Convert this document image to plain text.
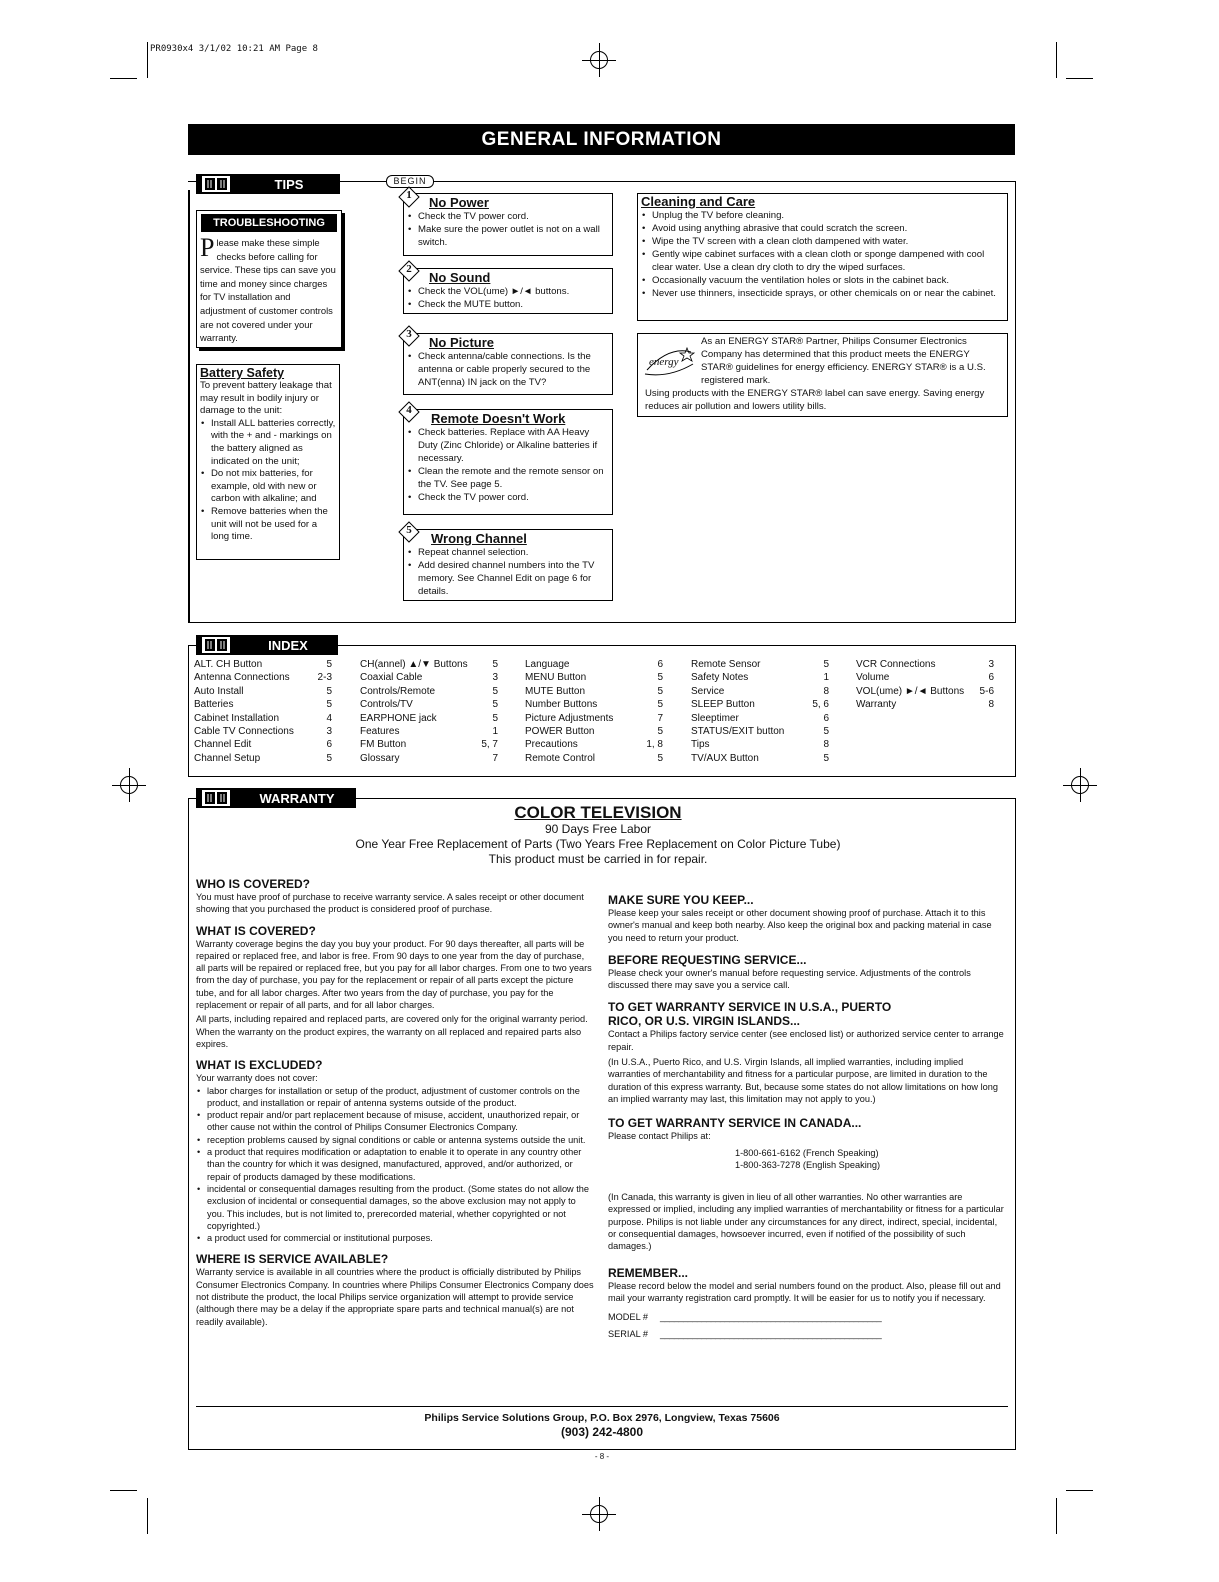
PR0930x4 3/1/02 10:21 AM Page 8
GENERAL INFORMATION
TIPS
TROUBLESHOOTING
Please make these simple checks before calling for service. These tips can save you time and money since charges for TV installation and adjustment of customer controls are not covered under your warranty.
Battery Safety
To prevent battery leakage that may result in bodily injury or damage to the unit:
• Install ALL batteries correctly, with the + and - markings on the battery aligned as indicated on the unit;
• Do not mix batteries, for example, old with new or carbon with alkaline; and
• Remove batteries when the unit will not be used for a long time.
BEGIN
No Power
• Check the TV power cord.
• Make sure the power outlet is not on a wall switch.
1
No Sound
• Check the VOL(ume) ►/◄ buttons.
• Check the MUTE button.
2
No Picture
• Check antenna/cable connections. Is the antenna or cable properly secured to the ANT(enna) IN jack on the TV?
3
Remote Doesn't Work
• Check batteries. Replace with AA Heavy Duty (Zinc Chloride) or Alkaline batteries if necessary.
• Clean the remote and the remote sensor on the TV. See page 5.
• Check the TV power cord.
4
Wrong Channel
• Repeat channel selection.
• Add desired channel numbers into the TV memory. See Channel Edit on page 6 for details.
5
Cleaning and Care
• Unplug the TV before cleaning.
• Avoid using anything abrasive that could scratch the screen.
• Wipe the TV screen with a clean cloth dampened with water.
• Gently wipe cabinet surfaces with a clean cloth or sponge dampened with cool clear water. Use a clean dry cloth to dry the wiped surfaces.
• Occasionally vacuum the ventilation holes or slots in the cabinet back.
• Never use thinners, insecticide sprays, or other chemicals on or near the cabinet.
energy
As an ENERGY STAR® Partner, Philips Consumer Electronics Company has determined that this product meets the ENERGY STAR® guidelines for energy efficiency. ENERGY STAR® is a U.S. registered mark.
Using products with the ENERGY STAR® label can save energy. Saving energy reduces air pollution and lowers utility bills.
INDEX
ALT. CH Button	5
Antenna Connections	2-3
Auto Install	5
Batteries	5
Cabinet Installation	4
Cable TV Connections	3
Channel Edit	6
Channel Setup	5
CH(annel) ▲/▼ Buttons	5
Coaxial Cable	3
Controls/Remote	5
Controls/TV	5
EARPHONE jack	5
Features	1
FM Button	5, 7
Glossary	7
Language	6
MENU Button	5
MUTE Button	5
Number Buttons	5
Picture Adjustments	7
POWER Button	5
Precautions	1, 8
Remote Control	5
Remote Sensor	5
Safety Notes	1
Service	8
SLEEP Button	5, 6
Sleeptimer	6
STATUS/EXIT button	5
Tips	8
TV/AUX Button	5
VCR Connections	3
Volume	6
VOL(ume) ►/◄ Buttons	5-6
Warranty	8
WARRANTY
COLOR TELEVISION
90 Days Free Labor
One Year Free Replacement of Parts (Two Years Free Replacement on Color Picture Tube)
This product must be carried in for repair.
WHO IS COVERED?
You must have proof of purchase to receive warranty service. A sales receipt or other document showing that you purchased the product is considered proof of purchase.
WHAT IS COVERED?
Warranty coverage begins the day you buy your product. For 90 days thereafter, all parts will be repaired or replaced free, and labor is free. From 90 days to one year from the day of purchase, all parts will be repaired or replaced free, but you pay for all labor charges. From one to two years from the day of purchase, you pay for the replacement or repair of all parts except the picture tube, and for all labor charges. After two years from the day of purchase, you pay for the replacement or repair of all parts, and for all labor charges.
All parts, including repaired and replaced parts, are covered only for the original warranty period. When the warranty on the product expires, the warranty on all replaced and repaired parts also expires.
WHAT IS EXCLUDED?
Your warranty does not cover:
• labor charges for installation or setup of the product, adjustment of customer controls on the product, and installation or repair of antenna systems outside of the product.
• product repair and/or part replacement because of misuse, accident, unauthorized repair, or other cause not within the control of Philips Consumer Electronics Company.
• reception problems caused by signal conditions or cable or antenna systems outside the unit.
• a product that requires modification or adaptation to enable it to operate in any country other than the country for which it was designed, manufactured, approved, and/or authorized, or repair of products damaged by these modifications.
• incidental or consequential damages resulting from the product. (Some states do not allow the exclusion of incidental or consequential damages, so the above exclusion may not apply to you. This includes, but is not limited to, prerecorded material, whether copyrighted or not copyrighted.)
• a product used for commercial or institutional purposes.
WHERE IS SERVICE AVAILABLE?
Warranty service is available in all countries where the product is officially distributed by Philips Consumer Electronics Company. In countries where Philips Consumer Electronics Company does not distribute the product, the local Philips service organization will attempt to provide service (although there may be a delay if the appropriate spare parts and technical manual(s) are not readily available).
MAKE SURE YOU KEEP...
Please keep your sales receipt or other document showing proof of purchase. Attach it to this owner's manual and keep both nearby. Also keep the original box and packing material in case you need to return your product.
BEFORE REQUESTING SERVICE...
Please check your owner's manual before requesting service. Adjustments of the controls discussed there may save you a service call.
TO GET WARRANTY SERVICE IN U.S.A., PUERTO RICO, OR U.S. VIRGIN ISLANDS...
Contact a Philips factory service center (see enclosed list) or authorized service center to arrange repair.
(In U.S.A., Puerto Rico, and U.S. Virgin Islands, all implied warranties, including implied warranties of merchantability and fitness for a particular purpose, are limited in duration to the duration of this express warranty. But, because some states do not allow limitations on how long an implied warranty may last, this limitation may not apply to you.)
TO GET WARRANTY SERVICE IN CANADA...
Please contact Philips at:
1-800-661-6162 (French Speaking)
1-800-363-7278 (English Speaking)
(In Canada, this warranty is given in lieu of all other warranties. No other warranties are expressed or implied, including any implied warranties of merchantability or fitness for a particular purpose. Philips is not liable under any circumstances for any direct, indirect, special, incidental, or consequential damages, howsoever incurred, even if notified of the possibility of such damages.)
REMEMBER...
Please record below the model and serial numbers found on the product. Also, please fill out and mail your warranty registration card promptly. It will be easier for us to notify you if necessary.
MODEL #	________________________________________________
SERIAL #	________________________________________________
Philips Service Solutions Group, P.O. Box 2976, Longview, Texas 75606
(903) 242-4800
- 8 -
